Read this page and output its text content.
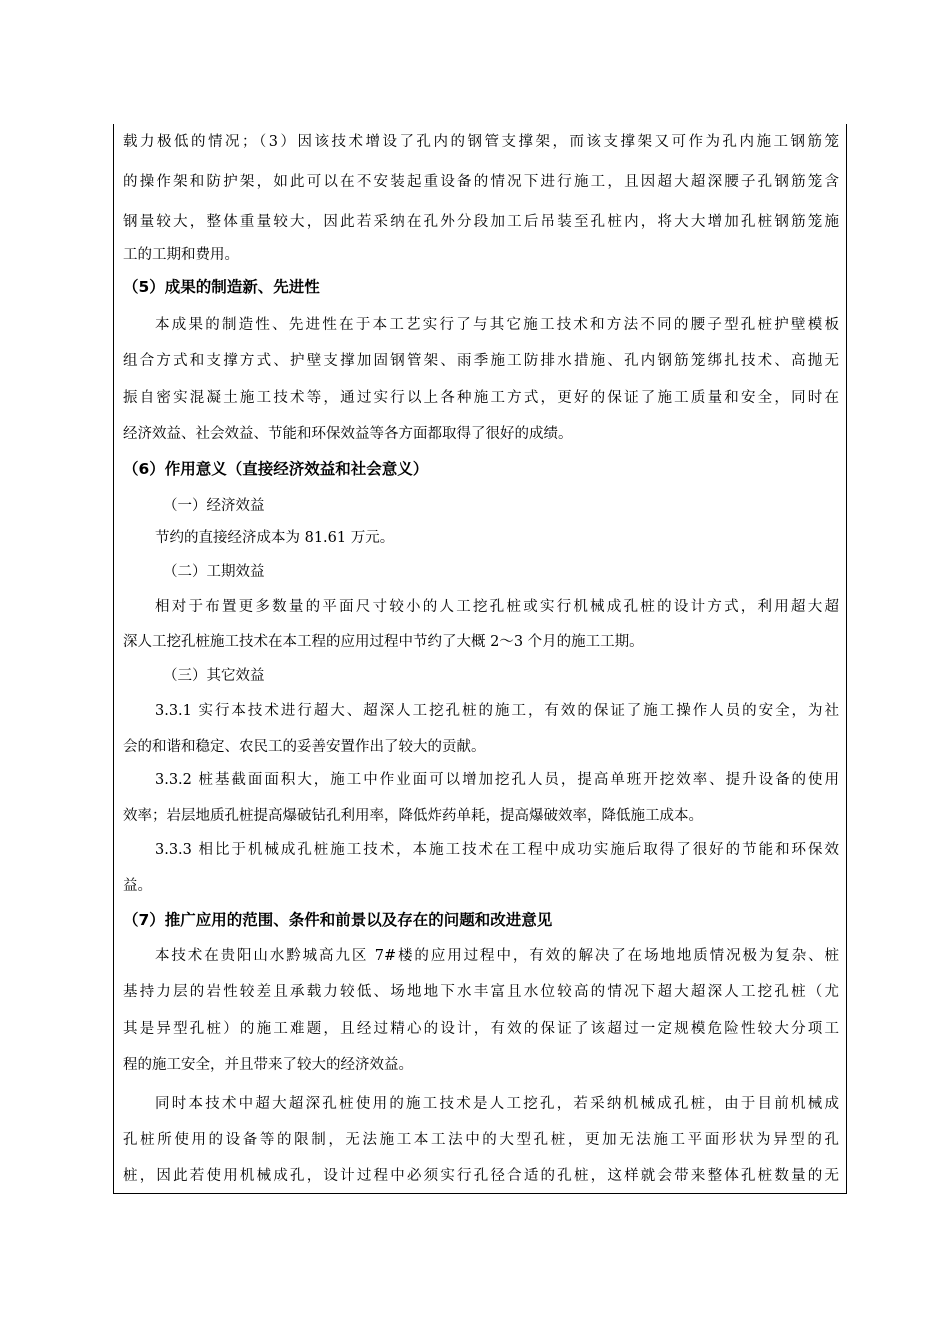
载力极低的情况；（3）因该技术增设了孔内的钢管支撑架，而该支撑架又可作为孔内施工钢筋笼
的操作架和防护架，如此可以在不安装起重设备的情况下进行施工，且因超大超深腰子孔钢筋笼含
钢量较大，整体重量较大，因此若采纳在孔外分段加工后吊装至孔桩内，将大大增加孔桩钢筋笼施
工的工期和费用。
（5）成果的制造新、先进性
本成果的制造性、先进性在于本工艺实行了与其它施工技术和方法不同的腰子型孔桩护壁模板
组合方式和支撑方式、护壁支撑加固钢管架、雨季施工防排水措施、孔内钢筋笼绑扎技术、高抛无
振自密实混凝土施工技术等，通过实行以上各种施工方式，更好的保证了施工质量和安全，同时在
经济效益、社会效益、节能和环保效益等各方面都取得了很好的成绩。
（6）作用意义（直接经济效益和社会意义）
（一）经济效益
节约的直接经济成本为 81.61 万元。
（二）工期效益
相对于布置更多数量的平面尺寸较小的人工挖孔桩或实行机械成孔桩的设计方式，利用超大超
深人工挖孔桩施工技术在本工程的应用过程中节约了大概 2～3 个月的施工工期。
（三）其它效益
3.3.1 实行本技术进行超大、超深人工挖孔桩的施工，有效的保证了施工操作人员的安全，为社
会的和谐和稳定、农民工的妥善安置作出了较大的贡献。
3.3.2 桩基截面面积大，施工中作业面可以增加挖孔人员，提高单班开挖效率、提升设备的使用
效率；岩层地质孔桩提高爆破钻孔利用率，降低炸药单耗，提高爆破效率，降低施工成本。
3.3.3 相比于机械成孔桩施工技术，本施工技术在工程中成功实施后取得了很好的节能和环保效
益。
（7）推广应用的范围、条件和前景以及存在的问题和改进意见
本技术在贵阳山水黔城高九区 7#楼的应用过程中，有效的解决了在场地地质情况极为复杂、桩
基持力层的岩性较差且承载力较低、场地地下水丰富且水位较高的情况下超大超深人工挖孔桩（尤
其是异型孔桩）的施工难题，且经过精心的设计，有效的保证了该超过一定规模危险性较大分项工
程的施工安全，并且带来了较大的经济效益。
同时本技术中超大超深孔桩使用的施工技术是人工挖孔，若采纳机械成孔桩，由于目前机械成
孔桩所使用的设备等的限制，无法施工本工法中的大型孔桩，更加无法施工平面形状为异型的孔
桩，因此若使用机械成孔，设计过程中必须实行孔径合适的孔桩，这样就会带来整体孔桩数量的无
